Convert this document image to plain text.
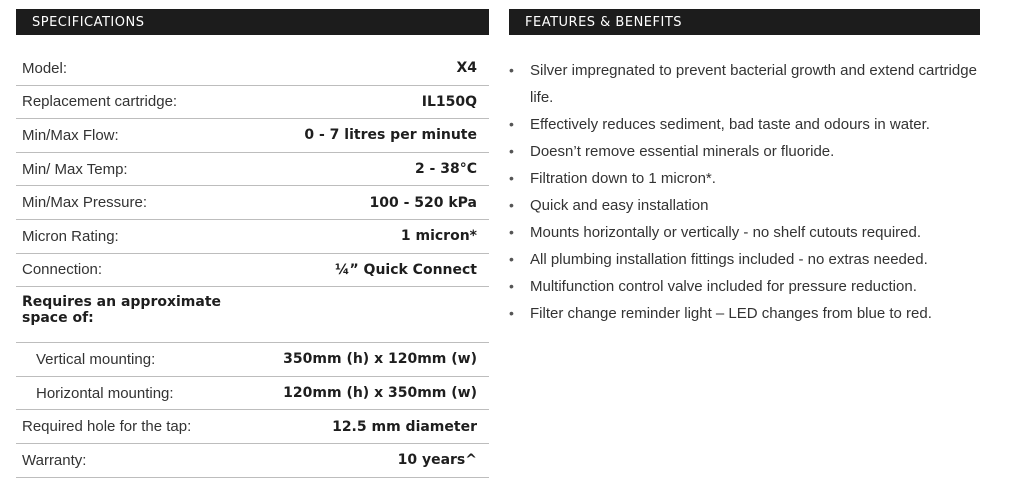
SPECIFICATIONS	FEATURES & BENEFITS
Model:	X4
Replacement cartridge:	IL150Q
Min/Max Flow:	0 - 7 litres per minute
Min/ Max Temp:	2 - 38°C
Min/Max Pressure:	100 - 520 kPa
Micron Rating:	1 micron*
Connection:	¼” Quick Connect
Requires an approximate space of:
Vertical mounting:	350mm (h) x 120mm (w)
Horizontal mounting:	120mm (h) x 350mm (w)
Required hole for the tap:	12.5 mm diameter
Warranty:	10 years^
• Silver impregnated to prevent bacterial growth and extend cartridge life.
• Effectively reduces sediment, bad taste and odours in water.
• Doesn’t remove essential minerals or fluoride.
• Filtration down to 1 micron*.
• Quick and easy installation
• Mounts horizontally or vertically - no shelf cutouts required.
• All plumbing installation fittings included - no extras needed.
• Multifunction control valve included for pressure reduction.
• Filter change reminder light – LED changes from blue to red.
